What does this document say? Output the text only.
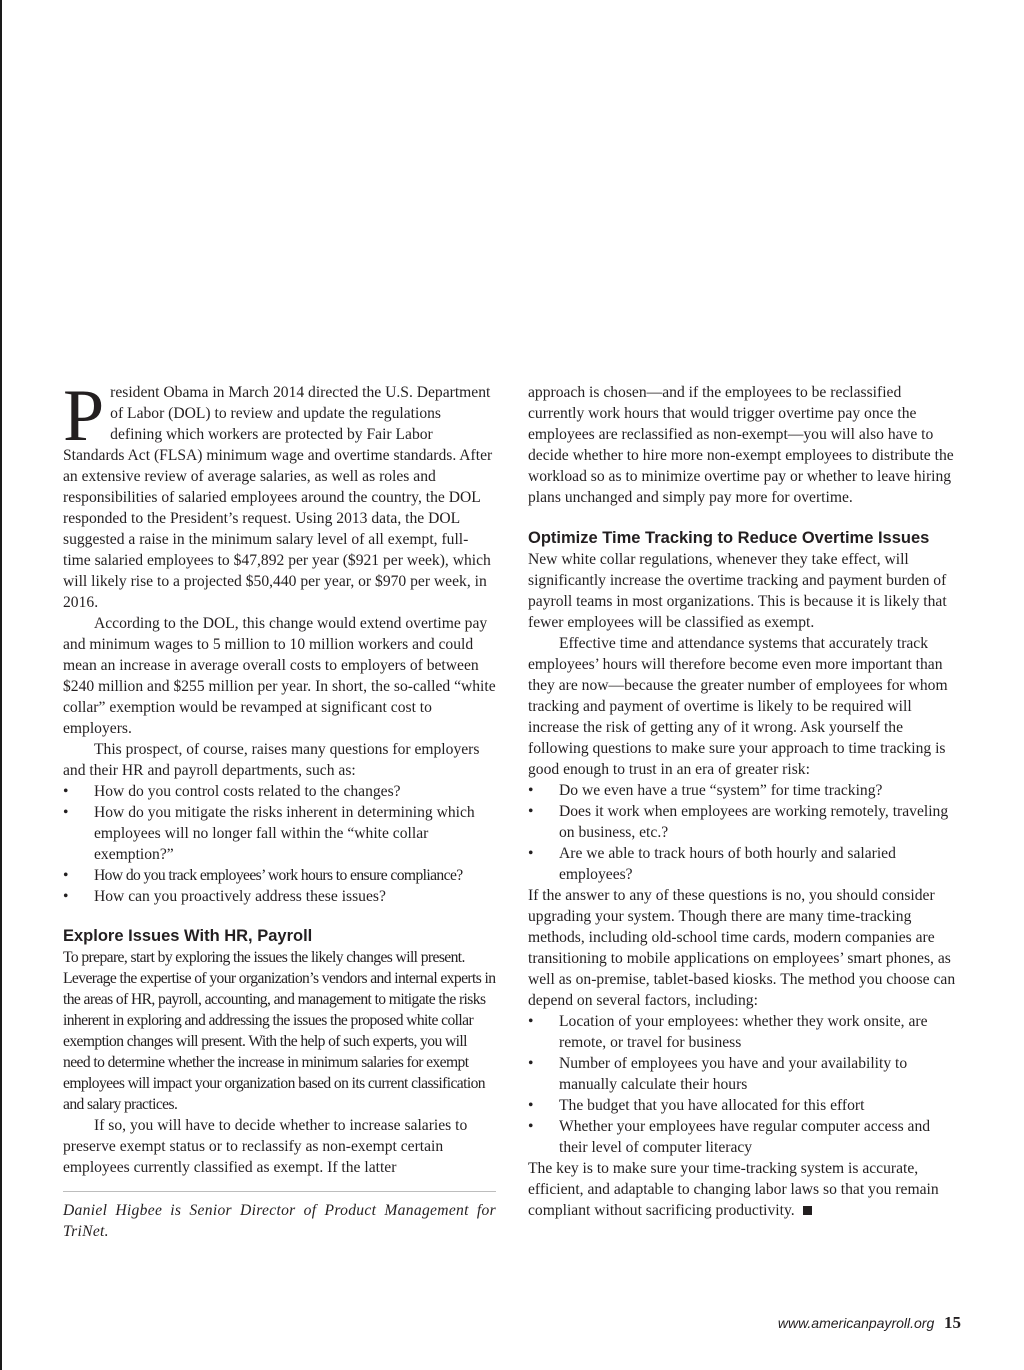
President Obama in March 2014 directed the U.S. Department of Labor (DOL) to review and update the regulations defining which workers are protected by Fair Labor Standards Act (FLSA) minimum wage and overtime standards. After an extensive review of average salaries, as well as roles and responsibilities of salaried employees around the country, the DOL responded to the President’s request. Using 2013 data, the DOL suggested a raise in the minimum salary level of all exempt, full-time salaried employees to $47,892 per year ($921 per week), which will likely rise to a projected $50,440 per year, or $970 per week, in 2016.

According to the DOL, this change would extend overtime pay and minimum wages to 5 million to 10 million workers and could mean an increase in average overall costs to employers of between $240 million and $255 million per year. In short, the so-called “white collar” exemption would be revamped at significant cost to employers.

This prospect, of course, raises many questions for employers and their HR and payroll departments, such as:

• How do you control costs related to the changes?
• How do you mitigate the risks inherent in determining which employees will no longer fall within the “white collar exemption?”
• How do you track employees’ work hours to ensure compliance?
• How can you proactively address these issues?
Explore Issues With HR, Payroll

To prepare, start by exploring the issues the likely changes will present. Leverage the expertise of your organization’s vendors and internal experts in the areas of HR, payroll, accounting, and management to mitigate the risks inherent in exploring and addressing the issues the proposed white collar exemption changes will present. With the help of such experts, you will need to determine whether the increase in minimum salaries for exempt employees will impact your organization based on its current classification and salary practices.

If so, you will have to decide whether to increase salaries to preserve exempt status or to reclassify as non-exempt certain employees currently classified as exempt. If the latter

Daniel Higbee is Senior Director of Product Management for TriNet.

approach is chosen—and if the employees to be reclassified currently work hours that would trigger overtime pay once the employees are reclassified as non-exempt—you will also have to decide whether to hire more non-exempt employees to distribute the workload so as to minimize overtime pay or whether to leave hiring plans unchanged and simply pay more for overtime.

Optimize Time Tracking to Reduce Overtime Issues

New white collar regulations, whenever they take effect, will significantly increase the overtime tracking and payment burden of payroll teams in most organizations. This is because it is likely that fewer employees will be classified as exempt.

Effective time and attendance systems that accurately track employees’ hours will therefore become even more important than they are now—because the greater number of employees for whom tracking and payment of overtime is likely to be required will increase the risk of getting any of it wrong. Ask yourself the following questions to make sure your approach to time tracking is good enough to trust in an era of greater risk:

• Do we even have a true “system” for time tracking?
• Does it work when employees are working remotely, traveling on business, etc.?
• Are we able to track hours of both hourly and salaried employees?

If the answer to any of these questions is no, you should consider upgrading your system. Though there are many time-tracking methods, including old-school time cards, modern companies are transitioning to mobile applications on employees’ smart phones, as well as on-premise, tablet-based kiosks. The method you choose can depend on several factors, including:

• Location of your employees: whether they work onsite, are remote, or travel for business
• Number of employees you have and your availability to manually calculate their hours
• The budget that you have allocated for this effort
• Whether your employees have regular computer access and their level of computer literacy

The key is to make sure your time-tracking system is accurate, efficient, and adaptable to changing labor laws so that you remain compliant without sacrificing productivity.

www.americanpayroll.org 15
